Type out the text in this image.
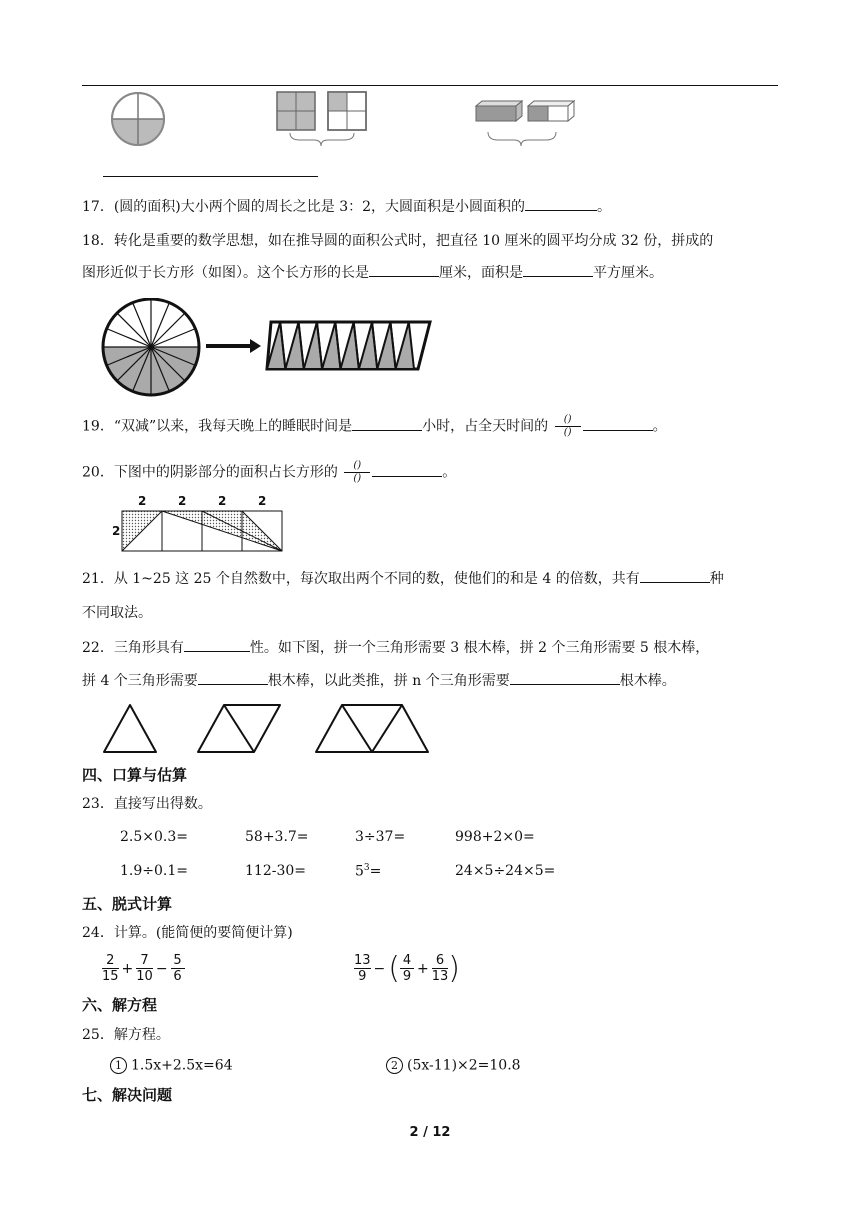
17．(圆的面积)大小两个圆的周长之比是 3：2，大圆面积是小圆面积的	。
18．转化是重要的数学思想，如在推导圆的面积公式时，把直径 10 厘米的圆平均分成 32 份，拼成的
图形近似于长方形（如图）。这个长方形的长是	厘米，面积是	平方厘米。
19．“双减”以来，我每天晚上的睡眠时间是	小时，占全天时间的 $\frac{()}{()}$	。
20．下图中的阴影部分的面积占长方形的 $\frac{()}{()}$	。
2	2	2	2
2
21．从 1~25 这 25 个自然数中，每次取出两个不同的数，使他们的和是 4 的倍数，共有	种
不同取法。
22．三角形具有	性。如下图，拼一个三角形需要 3 根木棒，拼 2 个三角形需要 5 根木棒，
拼 4 个三角形需要	根木棒，以此类推，拼 n 个三角形需要	根木棒。
四、口算与估算
23．直接写出得数。
2.5×0.3=	58+3.7=	3÷37=	998+2×0=
1.9÷0.1=	112-30=	$5^3=$	24×5÷24×5=
五、脱式计算
24．计算。(能简便的要简便计算)
$\frac{2}{15} + \frac{7}{10} - \frac{5}{6}$	$\frac{13}{9}$ − ( $\frac{4}{9} + \frac{6}{13}$ )
六、解方程
25．解方程。
1 1.5x+2.5x=64	2 (5x-11)×2=10.8
七、解决问题
2 / 12
